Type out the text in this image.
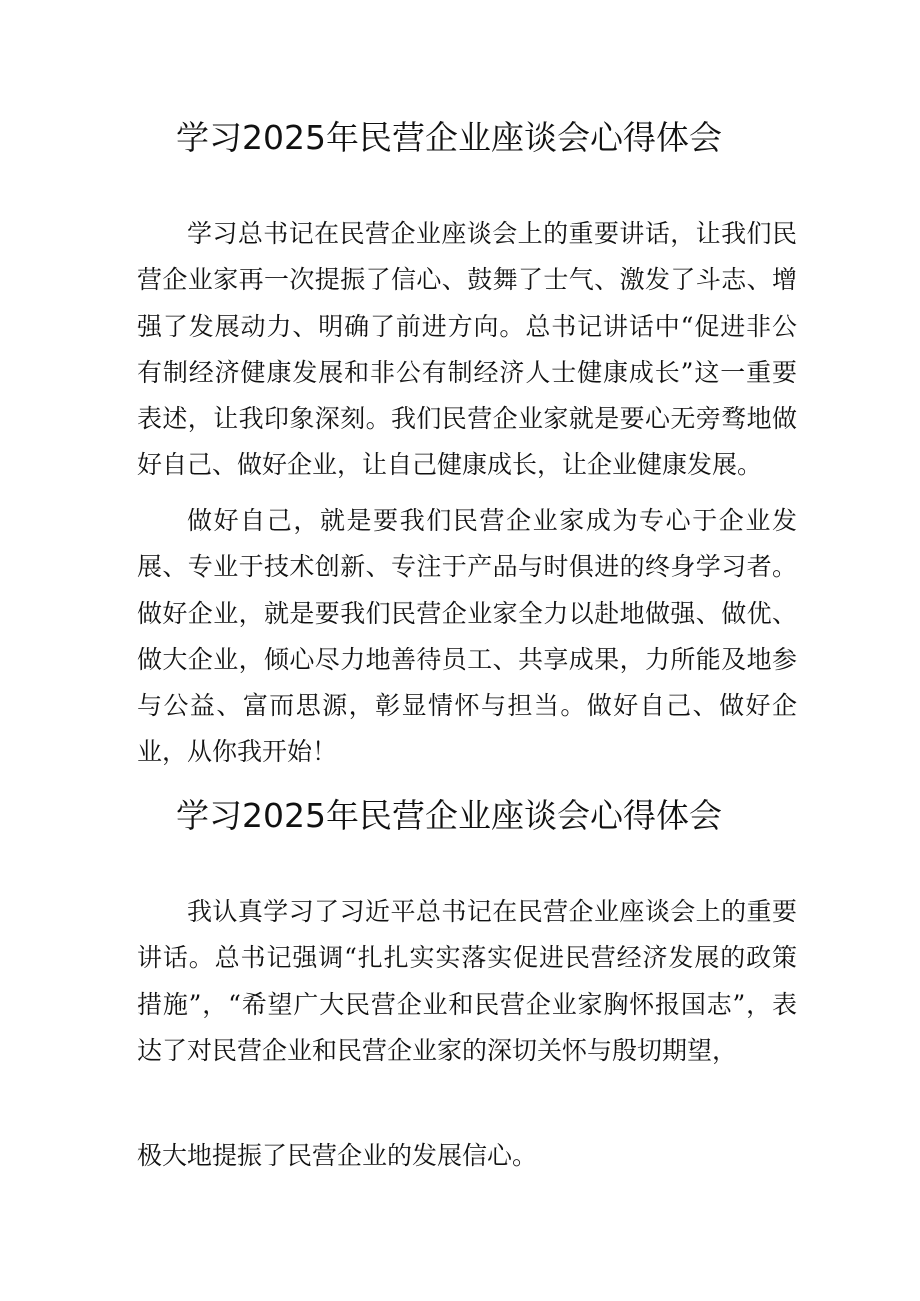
学习2025年民营企业座谈会心得体会

学习总书记在民营企业座谈会上的重要讲话，让我们民营企业家再一次提振了信心、鼓舞了士气、激发了斗志、增强了发展动力、明确了前进方向。总书记讲话中“促进非公有制经济健康发展和非公有制经济人士健康成长”这一重要表述，让我印象深刻。我们民营企业家就是要心无旁骛地做好自己、做好企业，让自己健康成长，让企业健康发展。

做好自己，就是要我们民营企业家成为专心于企业发展、专业于技术创新、专注于产品与时俱进的终身学习者。做好企业，就是要我们民营企业家全力以赴地做强、做优、做大企业，倾心尽力地善待员工、共享成果，力所能及地参与公益、富而思源，彰显情怀与担当。做好自己、做好企业，从你我开始！

学习2025年民营企业座谈会心得体会

我认真学习了习近平总书记在民营企业座谈会上的重要讲话。总书记强调“扎扎实实落实促进民营经济发展的政策措施”，“希望广大民营企业和民营企业家胸怀报国志”，表达了对民营企业和民营企业家的深切关怀与殷切期望，

极大地提振了民营企业的发展信心。
